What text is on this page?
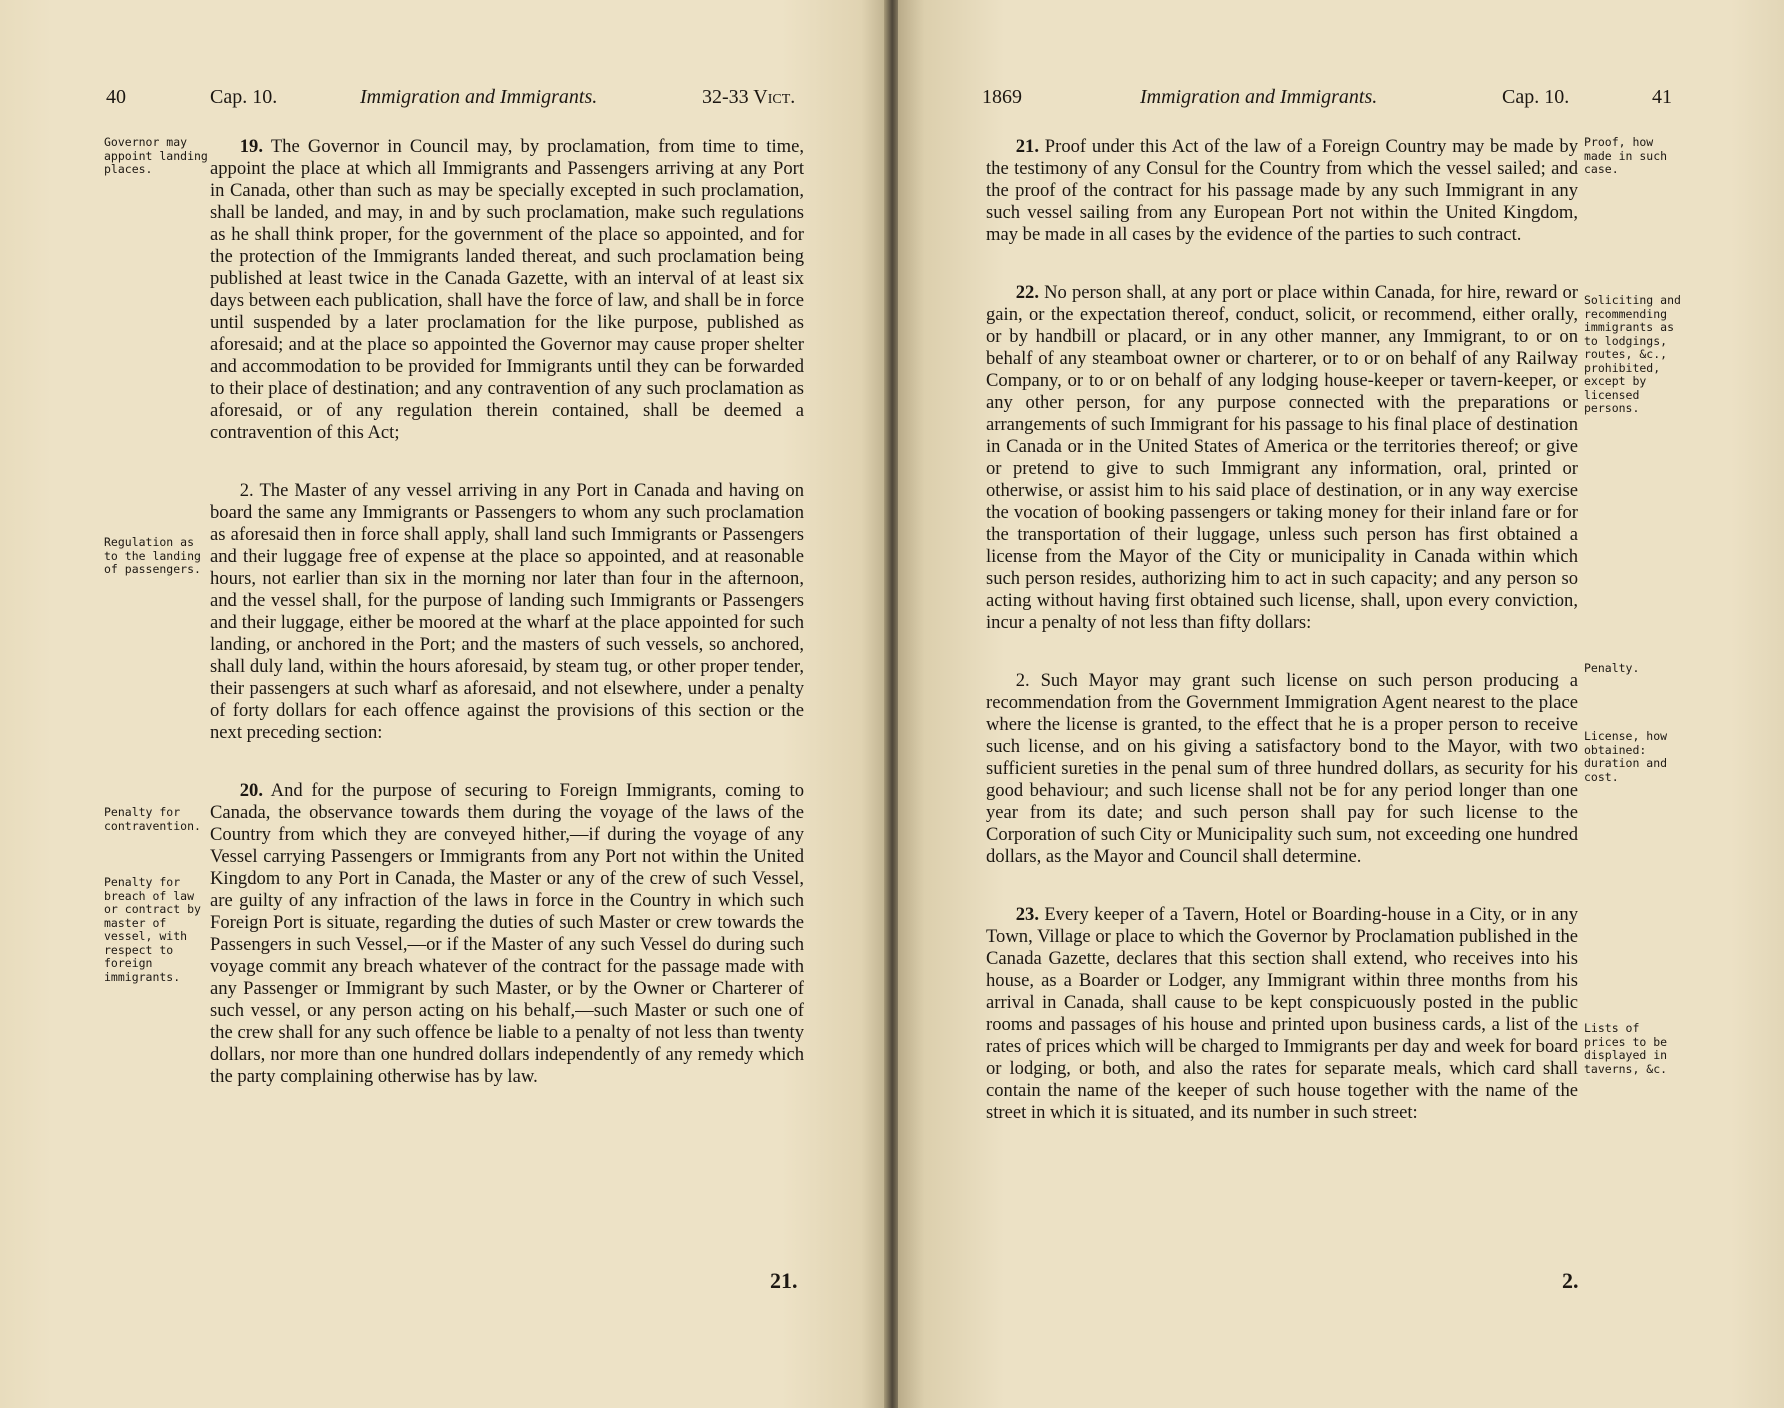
40	Cap. 10.	Immigration and Immigrants.	32-33 Vict.
Governor may appoint landing places.
Regulation as to the landing of passengers.
Penalty for contravention.
Penalty for breach of law or contract by master of vessel, with respect to foreign immigrants.

19. The Governor in Council may, by proclamation, from time to time, appoint the place at which all Immigrants and Passengers arriving at any Port in Canada, other than such as may be specially excepted in such proclamation, shall be landed, and may, in and by such proclamation, make such regulations as he shall think proper, for the government of the place so appointed, and for the protection of the Immigrants landed thereat, and such proclamation being published at least twice in the Canada Gazette, with an interval of at least six days between each publication, shall have the force of law, and shall be in force until suspended by a later proclamation for the like purpose, published as aforesaid; and at the place so appointed the Governor may cause proper shelter and accommodation to be provided for Immigrants until they can be forwarded to their place of destination; and any contravention of any such proclamation as aforesaid, or of any regulation therein contained, shall be deemed a contravention of this Act;

2. The Master of any vessel arriving in any Port in Canada and having on board the same any Immigrants or Passengers to whom any such proclamation as aforesaid then in force shall apply, shall land such Immigrants or Passengers and their luggage free of expense at the place so appointed, and at reasonable hours, not earlier than six in the morning nor later than four in the afternoon, and the vessel shall, for the purpose of landing such Immigrants or Passengers and their luggage, either be moored at the wharf at the place appointed for such landing, or anchored in the Port; and the masters of such vessels, so anchored, shall duly land, within the hours aforesaid, by steam tug, or other proper tender, their passengers at such wharf as aforesaid, and not elsewhere, under a penalty of forty dollars for each offence against the provisions of this section or the next preceding section:

20. And for the purpose of securing to Foreign Immigrants, coming to Canada, the observance towards them during the voyage of the laws of the Country from which they are conveyed hither,—if during the voyage of any Vessel carrying Passengers or Immigrants from any Port not within the United Kingdom to any Port in Canada, the Master or any of the crew of such Vessel, are guilty of any infraction of the laws in force in the Country in which such Foreign Port is situate, regarding the duties of such Master or crew towards the Passengers in such Vessel,—or if the Master of any such Vessel do during such voyage commit any breach whatever of the contract for the passage made with any Passenger or Immigrant by such Master, or by the Owner or Charterer of such vessel, or any person acting on his behalf,—such Master or such one of the crew shall for any such offence be liable to a penalty of not less than twenty dollars, nor more than one hundred dollars independently of any remedy which the party complaining otherwise has by law.

21.
1869	Immigration and Immigrants.	Cap. 10.	41

21. Proof under this Act of the law of a Foreign Country may be made by the testimony of any Consul for the Country from which the vessel sailed; and the proof of the contract for his passage made by any such Immigrant in any such vessel sailing from any European Port not within the United Kingdom, may be made in all cases by the evidence of the parties to such contract.

22. No person shall, at any port or place within Canada, for hire, reward or gain, or the expectation thereof, conduct, solicit, or recommend, either orally, or by handbill or placard, or in any other manner, any Immigrant, to or on behalf of any steamboat owner or charterer, or to or on behalf of any Railway Company, or to or on behalf of any lodging house-keeper or tavern-keeper, or any other person, for any purpose connected with the preparations or arrangements of such Immigrant for his passage to his final place of destination in Canada or in the United States of America or the territories thereof; or give or pretend to give to such Immigrant any information, oral, printed or otherwise, or assist him to his said place of destination, or in any way exercise the vocation of booking passengers or taking money for their inland fare or for the transportation of their luggage, unless such person has first obtained a license from the Mayor of the City or municipality in Canada within which such person resides, authorizing him to act in such capacity; and any person so acting without having first obtained such license, shall, upon every conviction, incur a penalty of not less than fifty dollars:

2. Such Mayor may grant such license on such person producing a recommendation from the Government Immigration Agent nearest to the place where the license is granted, to the effect that he is a proper person to receive such license, and on his giving a satisfactory bond to the Mayor, with two sufficient sureties in the penal sum of three hundred dollars, as security for his good behaviour; and such license shall not be for any period longer than one year from its date; and such person shall pay for such license to the Corporation of such City or Municipality such sum, not exceeding one hundred dollars, as the Mayor and Council shall determine.

23. Every keeper of a Tavern, Hotel or Boarding-house in a City, or in any Town, Village or place to which the Governor by Proclamation published in the Canada Gazette, declares that this section shall extend, who receives into his house, as a Boarder or Lodger, any Immigrant within three months from his arrival in Canada, shall cause to be kept conspicuously posted in the public rooms and passages of his house and printed upon business cards, a list of the rates of prices which will be charged to Immigrants per day and week for board or lodging, or both, and also the rates for separate meals, which card shall contain the name of the keeper of such house together with the name of the street in which it is situated, and its number in such street:

Proof, how made in such case.
Soliciting and recommending immigrants as to lodgings, routes, &c., prohibited, except by licensed persons.
Penalty.
License, how obtained: duration and cost.
Lists of prices to be displayed in taverns, &c.
2.
